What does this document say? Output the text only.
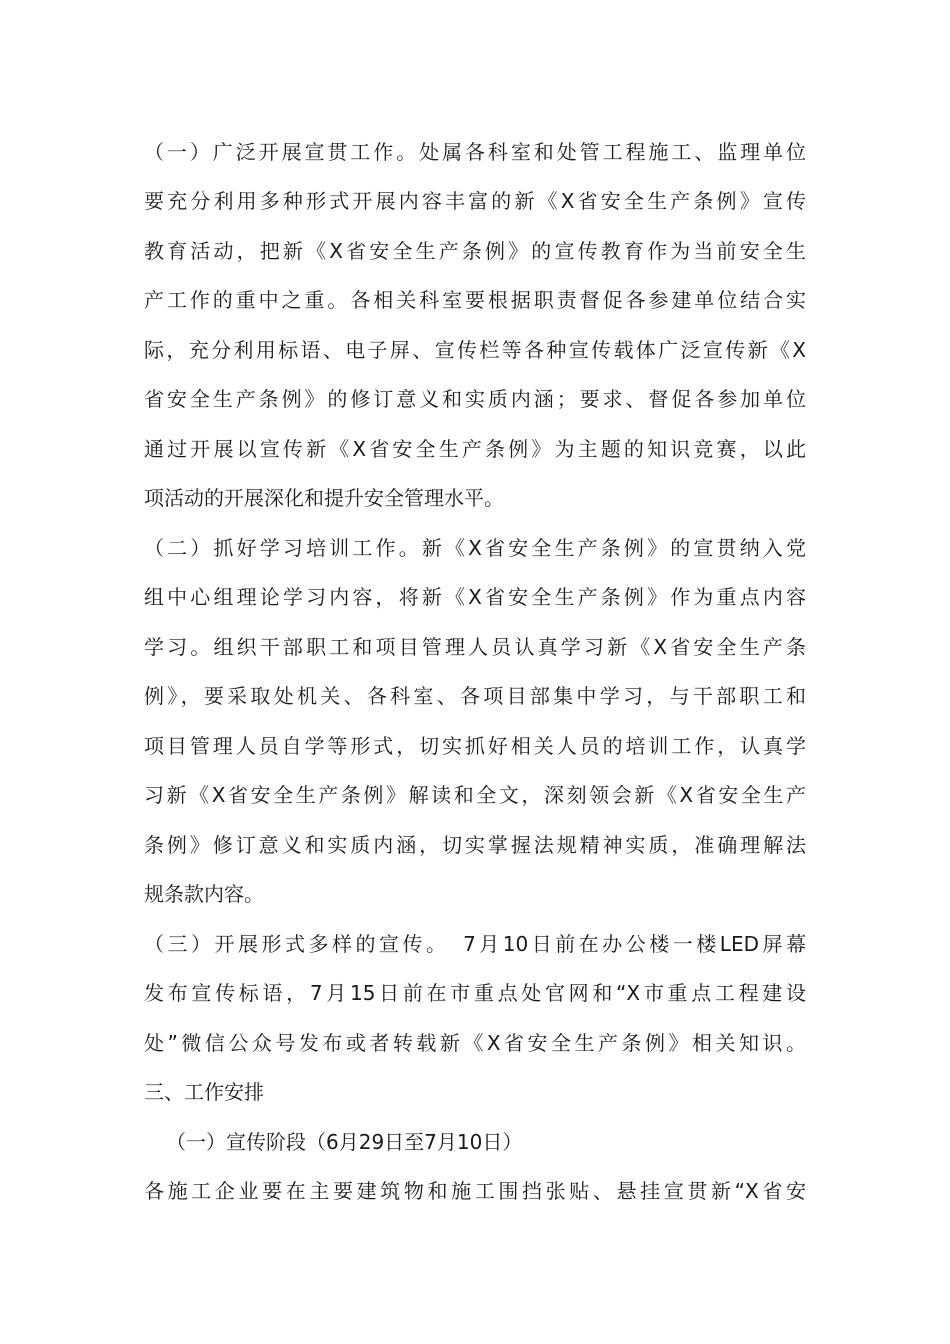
（一）广泛开展宣贯工作。处属各科室和处管工程施工、监理单位
要充分利用多种形式开展内容丰富的新《X省安全生产条例》宣传
教育活动，把新《X省安全生产条例》的宣传教育作为当前安全生
产工作的重中之重。各相关科室要根据职责督促各参建单位结合实
际，充分利用标语、电子屏、宣传栏等各种宣传载体广泛宣传新《X
省安全生产条例》的修订意义和实质内涵；要求、督促各参加单位
通过开展以宣传新《X省安全生产条例》为主题的知识竞赛，以此
项活动的开展深化和提升安全管理水平。
（二）抓好学习培训工作。新《X省安全生产条例》的宣贯纳入党
组中心组理论学习内容，将新《X省安全生产条例》作为重点内容
学习。组织干部职工和项目管理人员认真学习新《X省安全生产条
例》，要采取处机关、各科室、各项目部集中学习，与干部职工和
项目管理人员自学等形式，切实抓好相关人员的培训工作，认真学
习新《X省安全生产条例》解读和全文，深刻领会新《X省安全生产
条例》修订意义和实质内涵，切实掌握法规精神实质，准确理解法
规条款内容。
（三）开展形式多样的宣传。　7月10日前在办公楼一楼LED屏幕
发布宣传标语，7月15日前在市重点处官网和“X市重点工程建设
处”微信公众号发布或者转载新《X省安全生产条例》相关知识。
三、工作安排
（一）宣传阶段（6月29日至7月10日）
各施工企业要在主要建筑物和施工围挡张贴、悬挂宣贯新“X省安
